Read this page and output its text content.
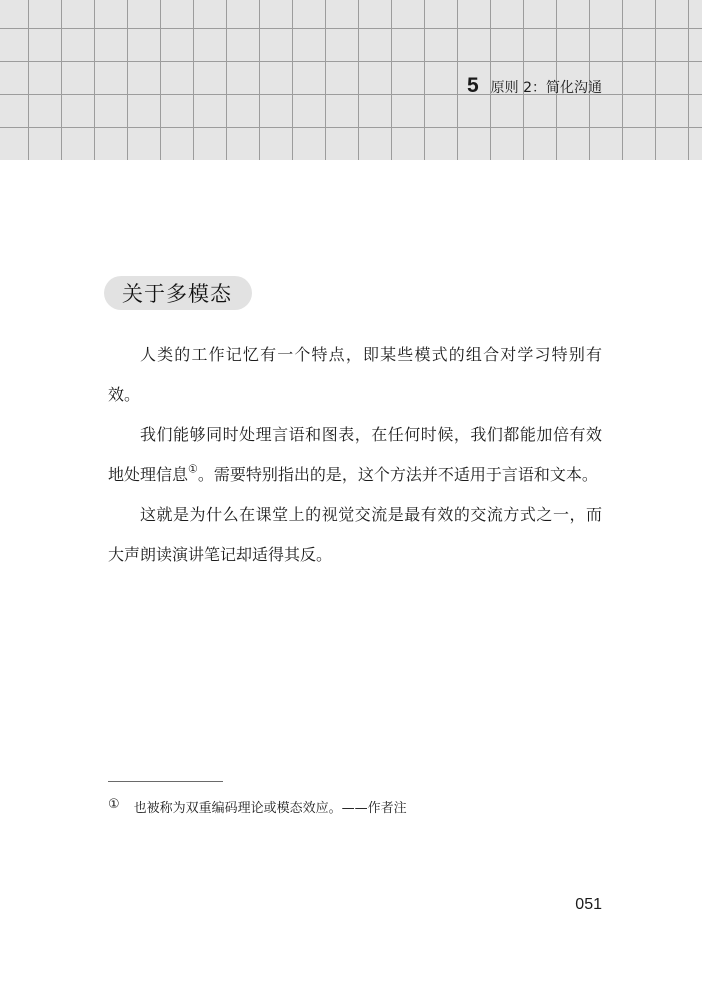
5 原则 2：简化沟通
关于多模态

人类的工作记忆有一个特点，即某些模式的组合对学习特别有效。

我们能够同时处理言语和图表，在任何时候，我们都能加倍有效地处理信息①。需要特别指出的是，这个方法并不适用于言语和文本。

这就是为什么在课堂上的视觉交流是最有效的交流方式之一，而大声朗读演讲笔记却适得其反。

① 也被称为双重编码理论或模态效应。——作者注
051
